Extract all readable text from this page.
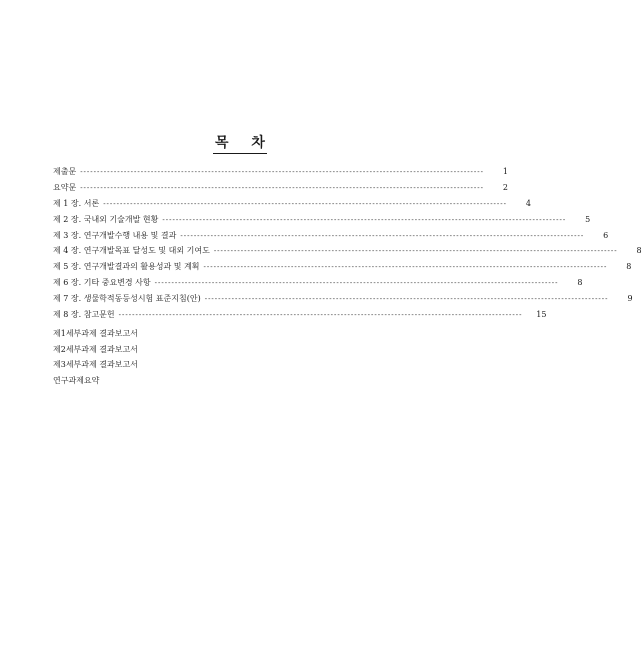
목 차
제출문 ------------------------------------------------------------------------------------------------------------------------	1
요약문 ------------------------------------------------------------------------------------------------------------------------	2
제 1 장. 서론 ------------------------------------------------------------------------------------------------------------------------	4
제 2 장. 국내외 기술개발 현황 ------------------------------------------------------------------------------------------------------------------------	5
제 3 장. 연구개발수행 내용 및 결과 ------------------------------------------------------------------------------------------------------------------------	6
제 4 장. 연구개발목표 달성도 및 대외 기여도 ------------------------------------------------------------------------------------------------------------------------	8
제 5 장. 연구개발결과의 활용성과 및 계획 ------------------------------------------------------------------------------------------------------------------------	8
제 6 장. 기타 중요변경 사항 ------------------------------------------------------------------------------------------------------------------------	8
제 7 장. 생물학적동등성시험 표준지침(안) ------------------------------------------------------------------------------------------------------------------------	9
제 8 장. 참고문헌 ------------------------------------------------------------------------------------------------------------------------	15
제1세부과제 결과보고서
제2세부과제 결과보고서
제3세부과제 결과보고서
연구과제요약
